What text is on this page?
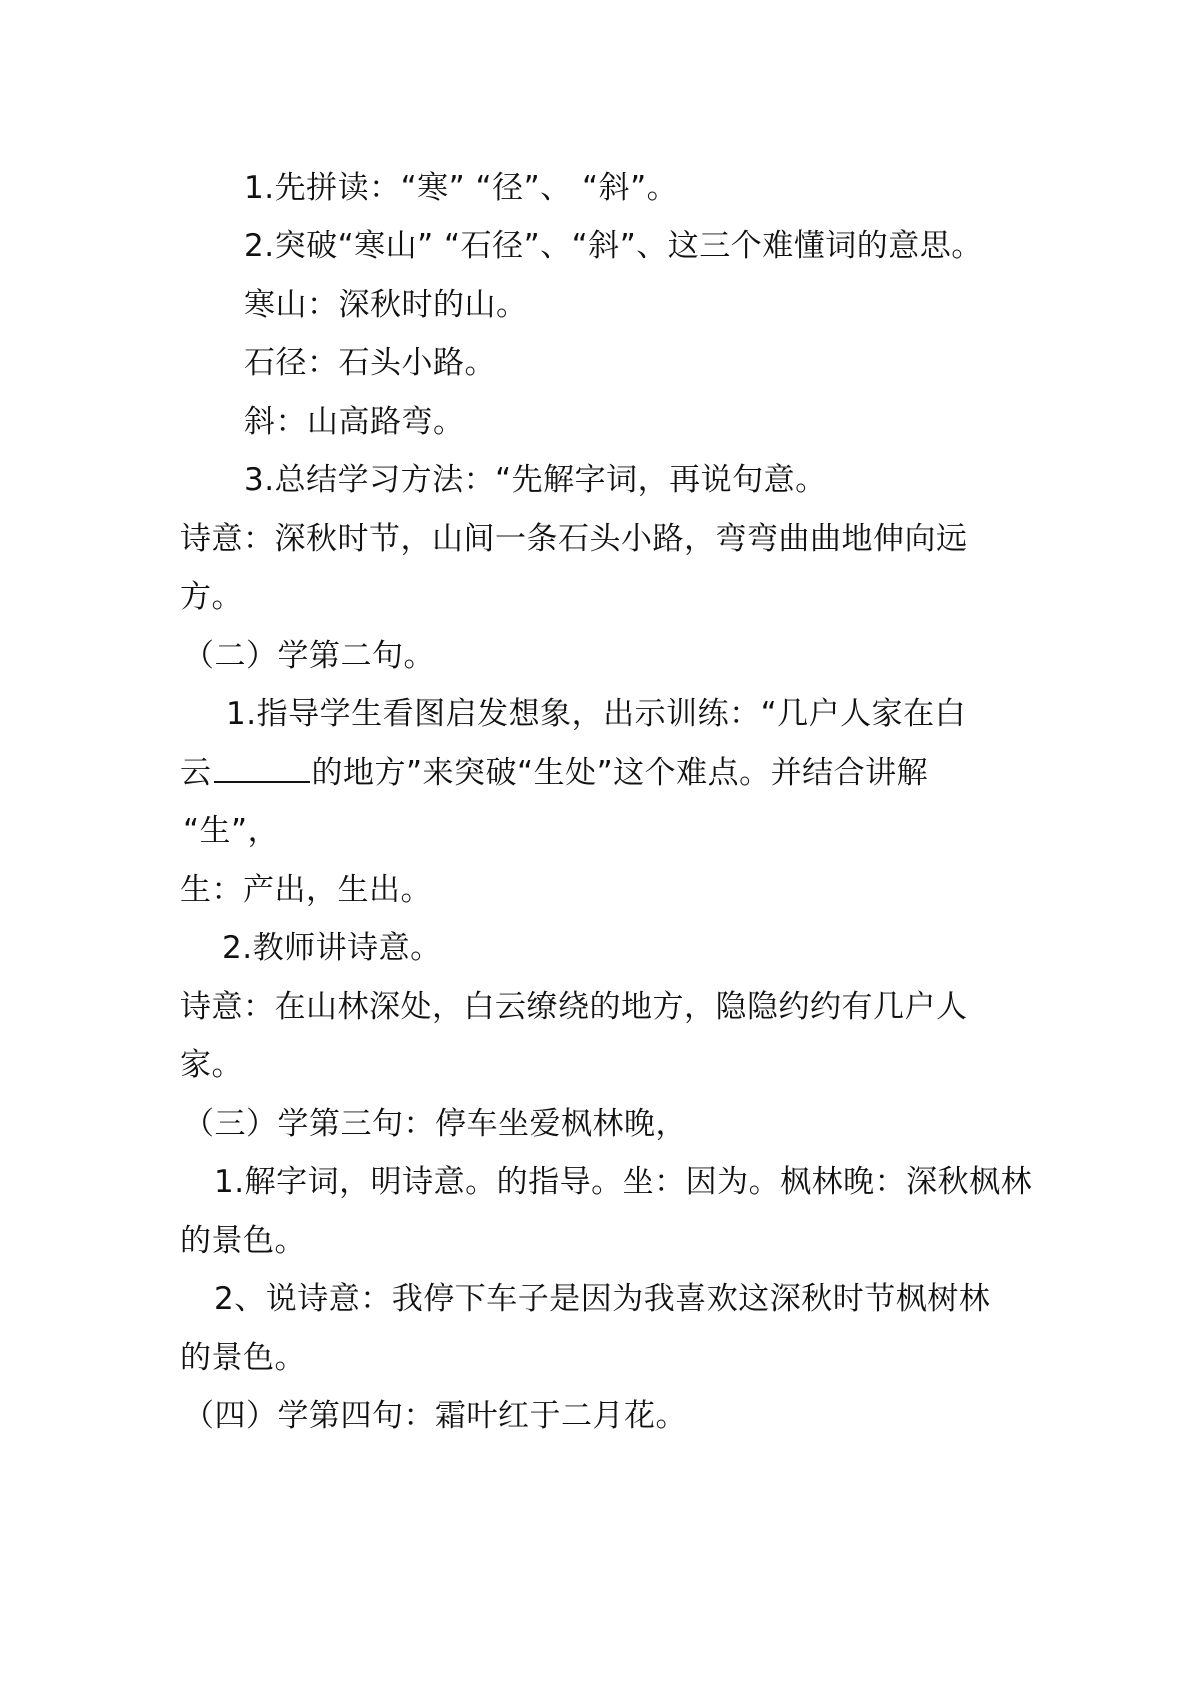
1.先拼读：“寒” “径”、 “斜”。
2.突破“寒山” “石径”、“斜”、这三个难懂词的意思。
寒山：深秋时的山。
石径：石头小路。
斜：山高路弯。
3.总结学习方法：“先解字词，再说句意。
诗意：深秋时节，山间一条石头小路，弯弯曲曲地伸向远
方。
（二）学第二句。
1.指导学生看图启发想象，出示训练：“几户人家在白
云	的地方”来突破“生处”这个难点。并结合讲解
“生”，
生：产出，生出。
2.教师讲诗意。
诗意：在山林深处，白云缭绕的地方，隐隐约约有几户人
家。
（三）学第三句：停车坐爱枫林晚，
1.解字词，明诗意。的指导。坐：因为。枫林晚：深秋枫林
的景色。
2、说诗意：我停下车子是因为我喜欢这深秋时节枫树林
的景色。
（四）学第四句：霜叶红于二月花。
